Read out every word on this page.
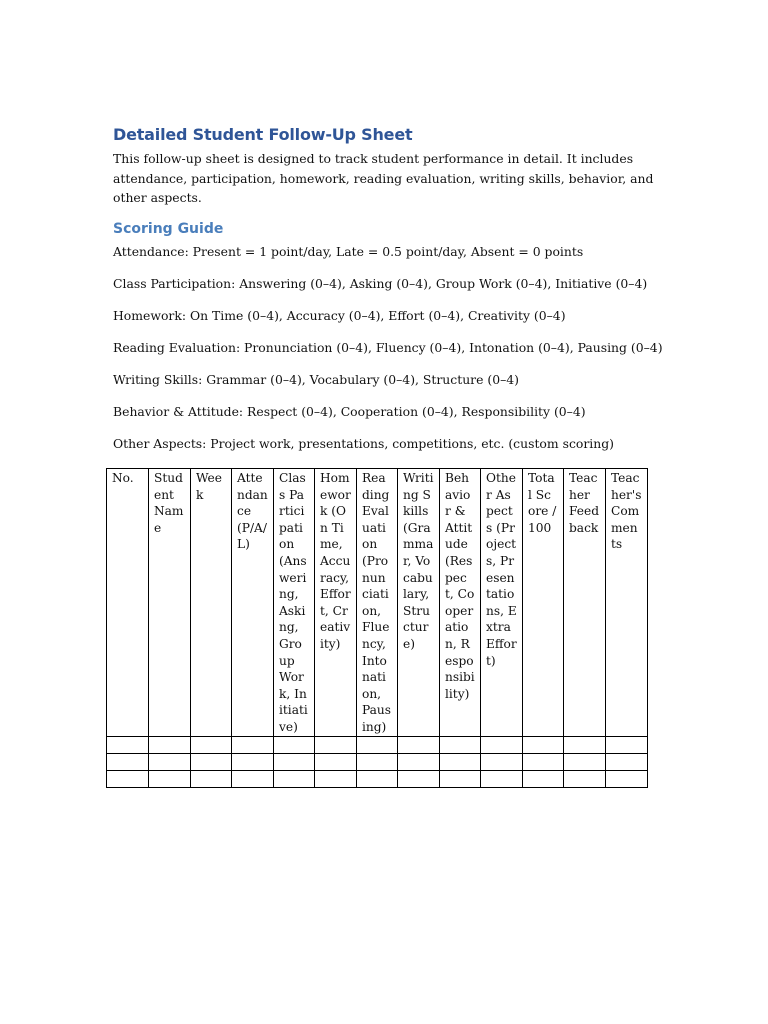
Detailed Student Follow-Up Sheet

This follow-up sheet is designed to track student performance in detail. It includes attendance, participation, homework, reading evaluation, writing skills, behavior, and other aspects.

Scoring Guide

Attendance: Present = 1 point/day, Late = 0.5 point/day, Absent = 0 points

Class Participation: Answering (0–4), Asking (0–4), Group Work (0–4), Initiative (0–4)

Homework: On Time (0–4), Accuracy (0–4), Effort (0–4), Creativity (0–4)

Reading Evaluation: Pronunciation (0–4), Fluency (0–4), Intonation (0–4), Pausing (0–4)

Writing Skills: Grammar (0–4), Vocabulary (0–4), Structure (0–4)

Behavior & Attitude: Respect (0–4), Cooperation (0–4), Responsibility (0–4)

Other Aspects: Project work, presentations, competitions, etc. (custom scoring)

No.	Student Name	Week	Attendance (P/A/L)	Class Participation (Answering, Asking, Group Work, Initiative)	Homework (On Time, Accuracy, Effort, Creativity)	Reading Evaluation (Pronunciation, Fluency, Intonation, Pausing)	Writing Skills (Grammar, Vocabulary, Structure)	Behavior & Attitude (Respect, Cooperation, Responsibility)	Other Aspects (Projects, Presentations, Extra Effort)	Total Score / 100	Teacher Feedback	Teacher's Comments
